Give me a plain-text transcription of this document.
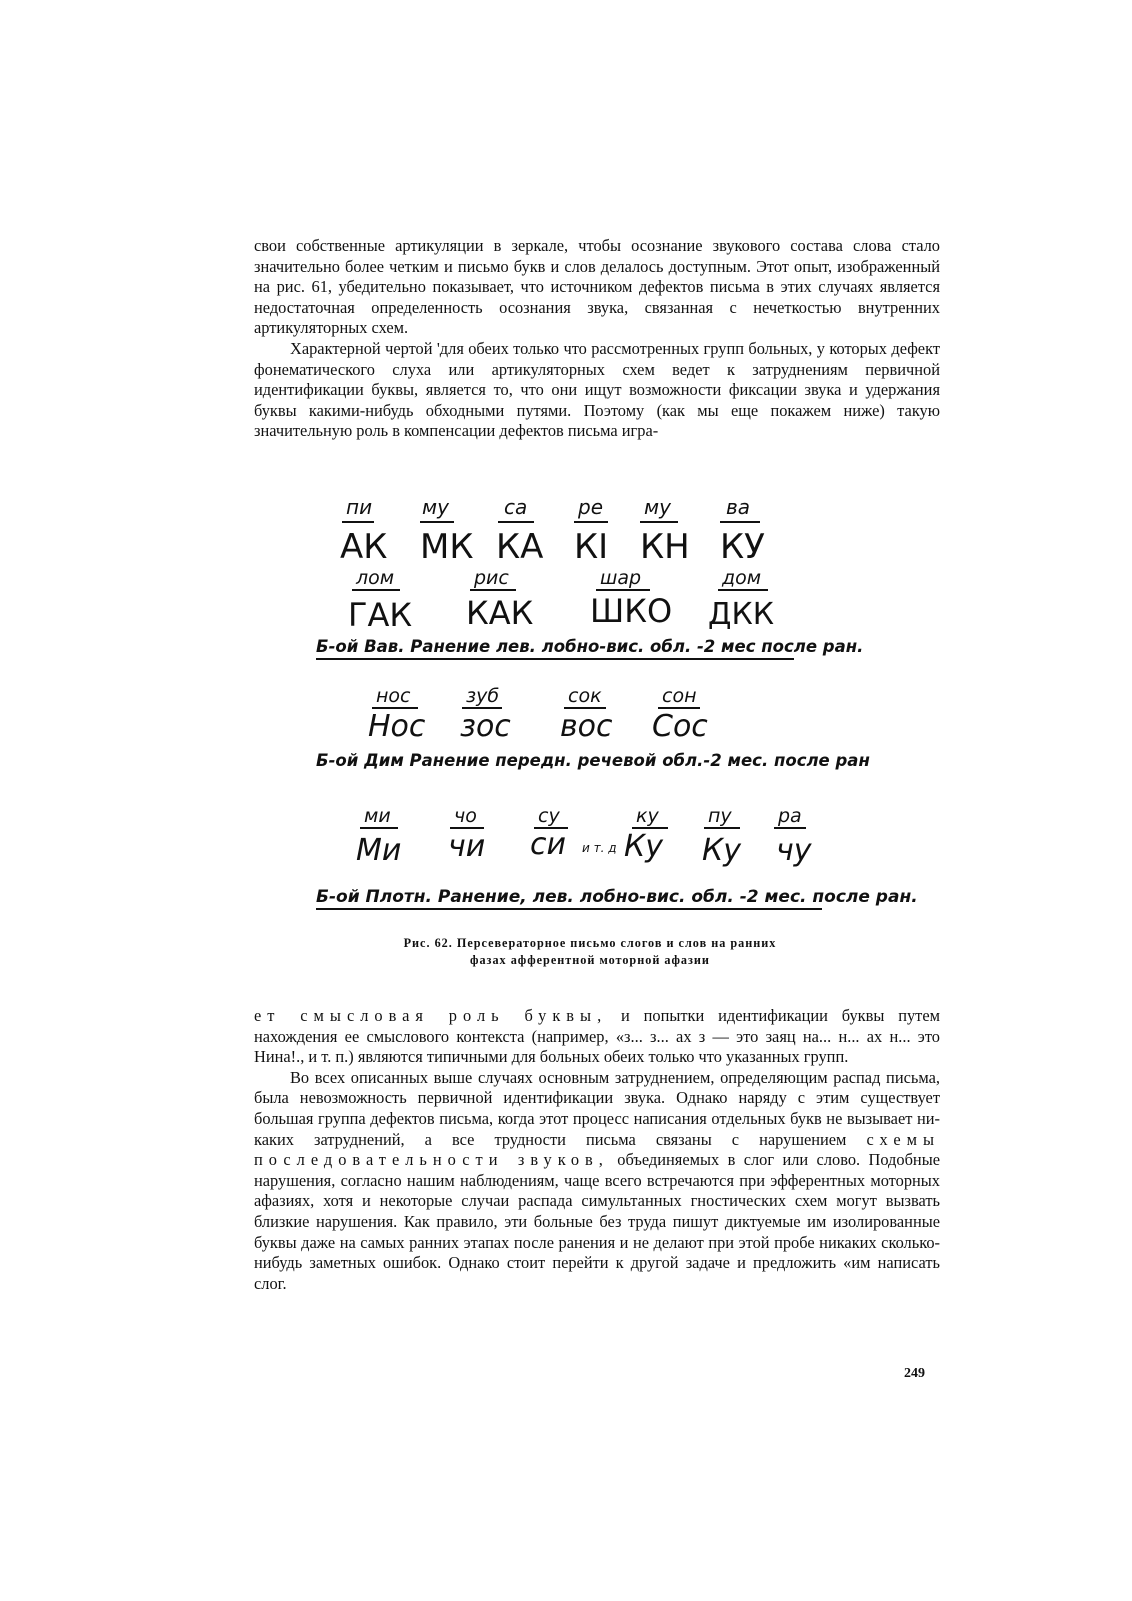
свои собственные артикуляции в зеркале, чтобы осознание звукового состава слова стало значительно более четким и письмо букв и слов делалось доступным. Этот опыт, изображенный на рис. 61, убедительно показывает, что источником дефектов письма в этих случаях является недостаточная определенность осознания звука, связанная с нечеткостью внутренних артикуляторных схем.

Характерной чертой 'для обеих только что рассмотренных групп больных, у которых дефект фонематического слуха или артикуляторных схем ведет к затруднениям первичной идентификации буквы, является то, что они ищут возможности фиксации звука и удержания буквы какими-нибудь обходными путями. Поэтому (как мы еще покажем ниже) такую значительную роль в компенсации дефектов письма игра-

пи му	са	ре му	ва
АК МК КА КI КН КУ
лом	рис	шар	дом
ГАК КАК ШКО ДКК
Б-ой Вав. Ранение лев. лобно-вис. обл. -2 мес после ран.
нос	зуб	сок	сон
Нос зос вос Сос
Б-ой Дим Ранение передн. речевой обл.-2 мес. после ран
ми	чо	су	ку	пу ра
Ми чи си и т. д Ку Ку чу
Б-ой Плотн. Ранение, лев. лобно-вис. обл. -2 мес. после ран.
Рис. 62. Персевераторное письмо слогов и слов на ранних
фазах афферентной моторной афазии

ет смысловая роль буквы, и попытки идентификации буквы путем нахождения ее смыслового контекста (например, «з... з... ах з — это заяц на... н... ах н... это Нина!., и т. п.) являются типичными для больных обеих только что указанных групп.

Во всех описанных выше случаях основным затруднением, определяющим распад письма, была невозможность первичной идентификации звука. Однако наряду с этим существует большая группа дефектов письма, когда этот процесс написания отдельных букв не вызывает никаких затруднений, а все трудности письма связаны с нарушением схемы последовательности звуков, объединяемых в слог или слово. Подобные нарушения, согласно нашим наблюдениям, чаще всего встречаются при эфферентных моторных афазиях, хотя и некоторые случаи распада симультанных гностических схем могут вызвать близкие нарушения. Как правило, эти больные без труда пишут диктуемые им изолированные буквы даже на самых ранних этапах после ранения и не делают при этой пробе никаких сколько-нибудь заметных ошибок. Однако стоит перейти к другой задаче и предложить «им написать слог.

249
